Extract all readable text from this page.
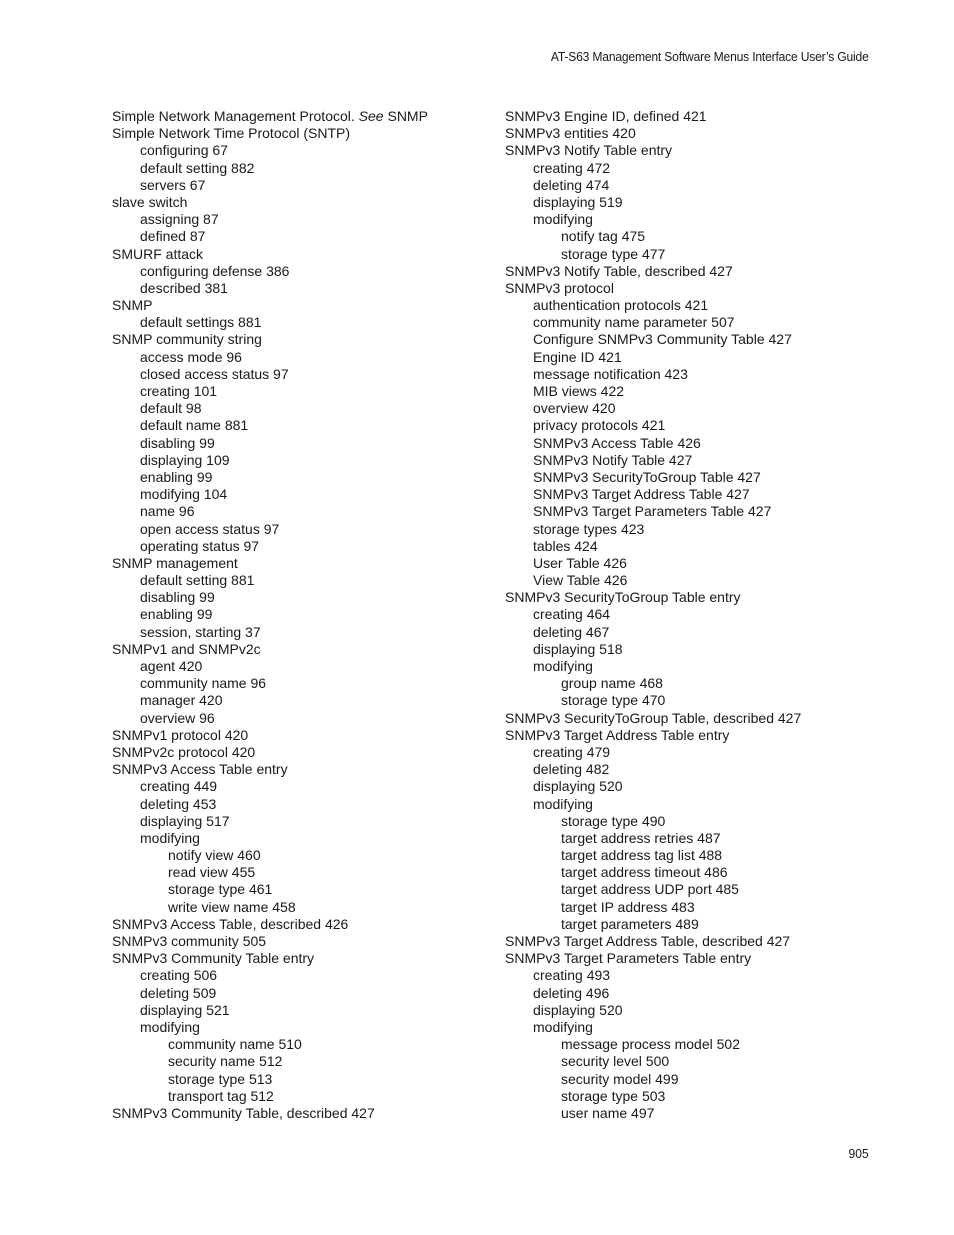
AT-S63 Management Software Menus Interface User’s Guide
Simple Network Management Protocol. See SNMP
Simple Network Time Protocol (SNTP)
configuring 67
default setting 882
servers 67
slave switch
assigning 87
defined 87
SMURF attack
configuring defense 386
described 381
SNMP
default settings 881
SNMP community string
access mode 96
closed access status 97
creating 101
default 98
default name 881
disabling 99
displaying 109
enabling 99
modifying 104
name 96
open access status 97
operating status 97
SNMP management
default setting 881
disabling 99
enabling 99
session, starting 37
SNMPv1 and SNMPv2c
agent 420
community name 96
manager 420
overview 96
SNMPv1 protocol 420
SNMPv2c protocol 420
SNMPv3 Access Table entry
creating 449
deleting 453
displaying 517
modifying
notify view 460
read view 455
storage type 461
write view name 458
SNMPv3 Access Table, described 426
SNMPv3 community 505
SNMPv3 Community Table entry
creating 506
deleting 509
displaying 521
modifying
community name 510
security name 512
storage type 513
transport tag 512
SNMPv3 Community Table, described 427
SNMPv3 Engine ID, defined 421
SNMPv3 entities 420
SNMPv3 Notify Table entry
creating 472
deleting 474
displaying 519
modifying
notify tag 475
storage type 477
SNMPv3 Notify Table, described 427
SNMPv3 protocol
authentication protocols 421
community name parameter 507
Configure SNMPv3 Community Table 427
Engine ID 421
message notification 423
MIB views 422
overview 420
privacy protocols 421
SNMPv3 Access Table 426
SNMPv3 Notify Table 427
SNMPv3 SecurityToGroup Table 427
SNMPv3 Target Address Table 427
SNMPv3 Target Parameters Table 427
storage types 423
tables 424
User Table 426
View Table 426
SNMPv3 SecurityToGroup Table entry
creating 464
deleting 467
displaying 518
modifying
group name 468
storage type 470
SNMPv3 SecurityToGroup Table, described 427
SNMPv3 Target Address Table entry
creating 479
deleting 482
displaying 520
modifying
storage type 490
target address retries 487
target address tag list 488
target address timeout 486
target address UDP port 485
target IP address 483
target parameters 489
SNMPv3 Target Address Table, described 427
SNMPv3 Target Parameters Table entry
creating 493
deleting 496
displaying 520
modifying
message process model 502
security level 500
security model 499
storage type 503
user name 497
905
